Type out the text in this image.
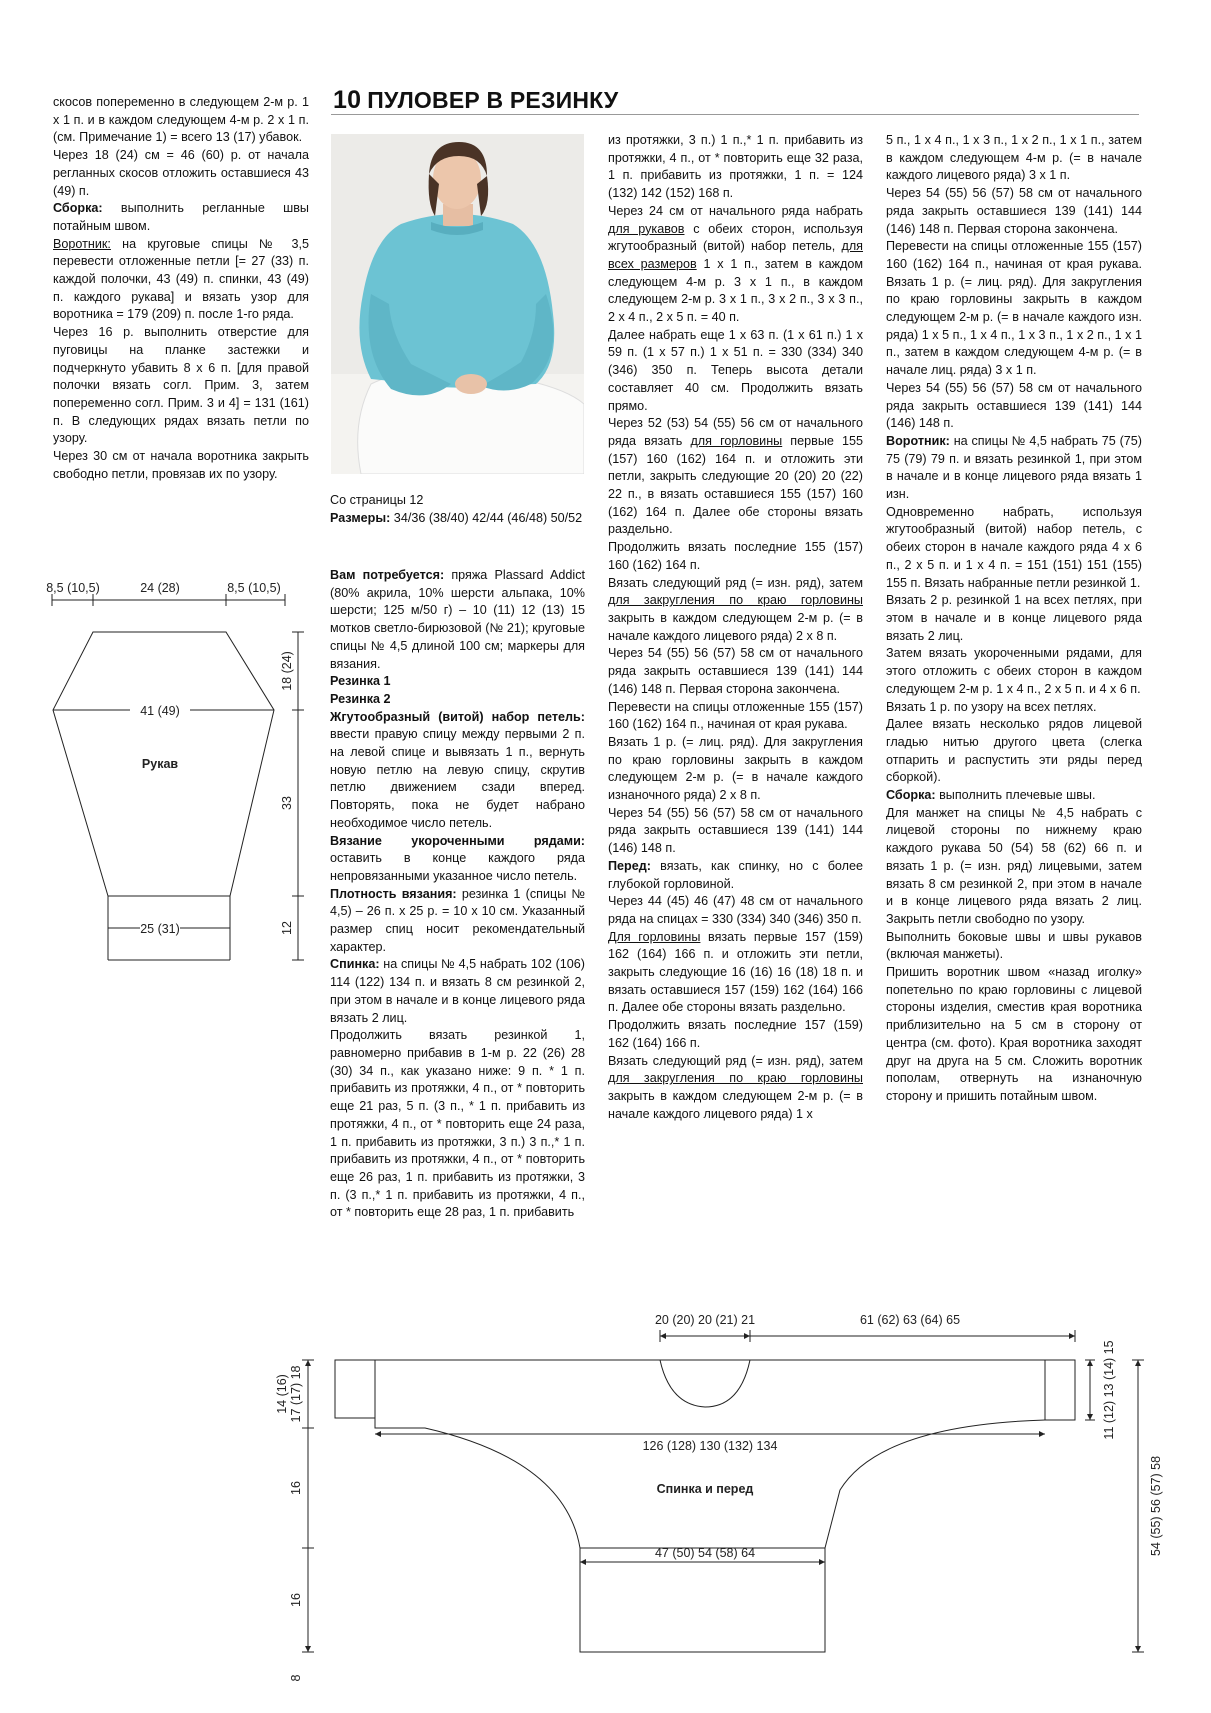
10 ПУЛОВЕР В РЕЗИНКУ

скосов попеременно в следующем 2-м р. 1 х 1 п. и в каждом следующем 4-м р. 2 х 1 п. (см. Примечание 1) = всего 13 (17) убавок.

Через 18 (24) см = 46 (60) р. от начала регланных скосов отложить оставшиеся 43 (49) п.

Сборка: выполнить регланные швы потайным швом.

Воротник: на круговые спицы № 3,5 перевести отложенные петли [= 27 (33) п. каждой полочки, 43 (49) п. спинки, 43 (49) п. каждого рукава] и вязать узор для воротника = 179 (209) п. после 1-го ряда.

Через 16 р. выполнить отверстие для пуговицы на планке застежки и подчеркнуто убавить 8 х 6 п. [для правой полочки вязать согл. Прим. 3, затем попеременно согл. Прим. 3 и 4] = 131 (161) п. В следующих рядах вязать петли по узору.

Через 30 см от начала воротника закрыть свободно петли, провязав их по узору.

8,5 (10,5)	24 (28)	8,5 (10,5)
41 (49)
Рукав
25 (31)
18 (24)
33
12

Со страницы 12

Размеры: 34/36 (38/40) 42/44 (46/48) 50/52

Вам потребуется: пряжа Plassard Addict (80% акрила, 10% шерсти альпака, 10% шерсти; 125 м/50 г) – 10 (11) 12 (13) 15 мотков светло-бирюзовой (№ 21); круговые спицы № 4,5 длиной 100 см; маркеры для вязания.

Резинка 1

Резинка 2

Жгутообразный (витой) набор петель: ввести правую спицу между первыми 2 п. на левой спице и вывязать 1 п., вернуть новую петлю на левую спицу, скрутив петлю движением сзади вперед. Повторять, пока не будет набрано необходимое число петель.

Вязание укороченными рядами: оставить в конце каждого ряда непровязанными указанное число петель.

Плотность вязания: резинка 1 (спицы № 4,5) – 26 п. х 25 р. = 10 х 10 см. Указанный размер спиц носит рекомендательный характер.

Спинка: на спицы № 4,5 набрать 102 (106) 114 (122) 134 п. и вязать 8 см резинкой 2, при этом в начале и в конце лицевого ряда вязать 2 лиц.

Продолжить вязать резинкой 1, равномерно прибавив в 1-м р. 22 (26) 28 (30) 34 п., как указано ниже: 9 п. * 1 п. прибавить из протяжки, 4 п., от * повторить еще 21 раз, 5 п. (3 п., * 1 п. прибавить из протяжки, 4 п., от * повторить еще 24 раза, 1 п. прибавить из протяжки, 3 п.) 3 п.,* 1 п. прибавить из протяжки, 4 п., от * повторить еще 26 раз, 1 п. прибавить из протяжки, 3 п. (3 п.,* 1 п. прибавить из протяжки, 4 п., от * повторить еще 28 раз, 1 п. прибавить

из протяжки, 3 п.) 1 п.,* 1 п. прибавить из протяжки, 4 п., от * повторить еще 32 раза, 1 п. прибавить из протяжки, 1 п. = 124 (132) 142 (152) 168 п.

Через 24 см от начального ряда набрать для рукавов с обеих сторон, используя жгутообразный (витой) набор петель, для всех размеров 1 х 1 п., затем в каждом следующем 4-м р. 3 х 1 п., в каждом следующем 2-м р. 3 х 1 п., 3 х 2 п., 3 х 3 п., 2 х 4 п., 2 х 5 п. = 40 п.

Далее набрать еще 1 х 63 п. (1 х 61 п.) 1 х 59 п. (1 х 57 п.) 1 х 51 п. = 330 (334) 340 (346) 350 п. Теперь высота детали составляет 40 см. Продолжить вязать прямо.

Через 52 (53) 54 (55) 56 см от начального ряда вязать для горловины первые 155 (157) 160 (162) 164 п. и отложить эти петли, закрыть следующие 20 (20) 20 (22) 22 п., в вязать оставшиеся 155 (157) 160 (162) 164 п. Далее обе стороны вязать раздельно.

Продолжить вязать последние 155 (157) 160 (162) 164 п.

Вязать следующий ряд (= изн. ряд), затем для закругления по краю горловины закрыть в каждом следующем 2-м р. (= в начале каждого лицевого ряда) 2 х 8 п.

Через 54 (55) 56 (57) 58 см от начального ряда закрыть оставшиеся 139 (141) 144 (146) 148 п. Первая сторона закончена.

Перевести на спицы отложенные 155 (157) 160 (162) 164 п., начиная от края рукава.

Вязать 1 р. (= лиц. ряд). Для закругления по краю горловины закрыть в каждом следующем 2-м р. (= в начале каждого изнаночного ряда) 2 х 8 п.

Через 54 (55) 56 (57) 58 см от начального ряда закрыть оставшиеся 139 (141) 144 (146) 148 п.

Перед: вязать, как спинку, но с более глубокой горловиной.

Через 44 (45) 46 (47) 48 см от начального ряда на спицах = 330 (334) 340 (346) 350 п.

Для горловины вязать первые 157 (159) 162 (164) 166 п. и отложить эти петли, закрыть следующие 16 (16) 16 (18) 18 п. и вязать оставшиеся 157 (159) 162 (164) 166 п. Далее обе стороны вязать раздельно.

Продолжить вязать последние 157 (159) 162 (164) 166 п.

Вязать следующий ряд (= изн. ряд), затем для закругления по краю горловины закрыть в каждом следующем 2-м р. (= в начале каждого лицевого ряда) 1 х

5 п., 1 х 4 п., 1 х 3 п., 1 х 2 п., 1 х 1 п., затем в каждом следующем 4-м р. (= в начале каждого лицевого ряда) 3 х 1 п.

Через 54 (55) 56 (57) 58 см от начального ряда закрыть оставшиеся 139 (141) 144 (146) 148 п. Первая сторона закончена.

Перевести на спицы отложенные 155 (157) 160 (162) 164 п., начиная от края рукава. Вязать 1 р. (= лиц. ряд). Для закругления по краю горловины закрыть в каждом следующем 2-м р. (= в начале каждого изн. ряда) 1 х 5 п., 1 х 4 п., 1 х 3 п., 1 х 2 п., 1 х 1 п., затем в каждом следующем 4-м р. (= в начале лиц. ряда) 3 х 1 п.

Через 54 (55) 56 (57) 58 см от начального ряда закрыть оставшиеся 139 (141) 144 (146) 148 п.

Воротник: на спицы № 4,5 набрать 75 (75) 75 (79) 79 п. и вязать резинкой 1, при этом в начале и в конце лицевого ряда вязать 1 изн.

Одновременно набрать, используя жгутообразный (витой) набор петель, с обеих сторон в начале каждого ряда 4 х 6 п., 2 х 5 п. и 1 х 4 п. = 151 (151) 151 (155) 155 п. Вязать набранные петли резинкой 1.

Вязать 2 р. резинкой 1 на всех петлях, при этом в начале и в конце лицевого ряда вязать 2 лиц.

Затем вязать укороченными рядами, для этого отложить с обеих сторон в каждом следующем 2-м р. 1 х 4 п., 2 х 5 п. и 4 х 6 п.

Вязать 1 р. по узору на всех петлях.

Далее вязать несколько рядов лицевой гладью нитью другого цвета (слегка отпарить и распустить эти ряды перед сборкой).

Сборка: выполнить плечевые швы.

Для манжет на спицы № 4,5 набрать с лицевой стороны по нижнему краю каждого рукава 50 (54) 58 (62) 66 п. и вязать 1 р. (= изн. ряд) лицевыми, затем вязать 8 см резинкой 2, при этом в начале и в конце лицевого ряда вязать 2 лиц. Закрыть петли свободно по узору.

Выполнить боковые швы и швы рукавов (включая манжеты).

Пришить воротник швом «назад иголку» попетельно по краю горловины с лицевой стороны изделия, сместив края воротника приблизительно на 5 см в сторону от центра (см. фото). Края воротника заходят друг на друга на 5 см. Сложить воротник пополам, отвернуть на изнаночную сторону и пришить потайным швом.

20 (20) 20 (21) 21	61 (62) 63 (64) 65
126 (128) 130 (132) 134
Спинка и перед
47 (50) 54 (58) 64
11 (12) 13 (14) 15
54 (55) 56 (57) 58
14 (16) 17 (17) 18
16
16
8
